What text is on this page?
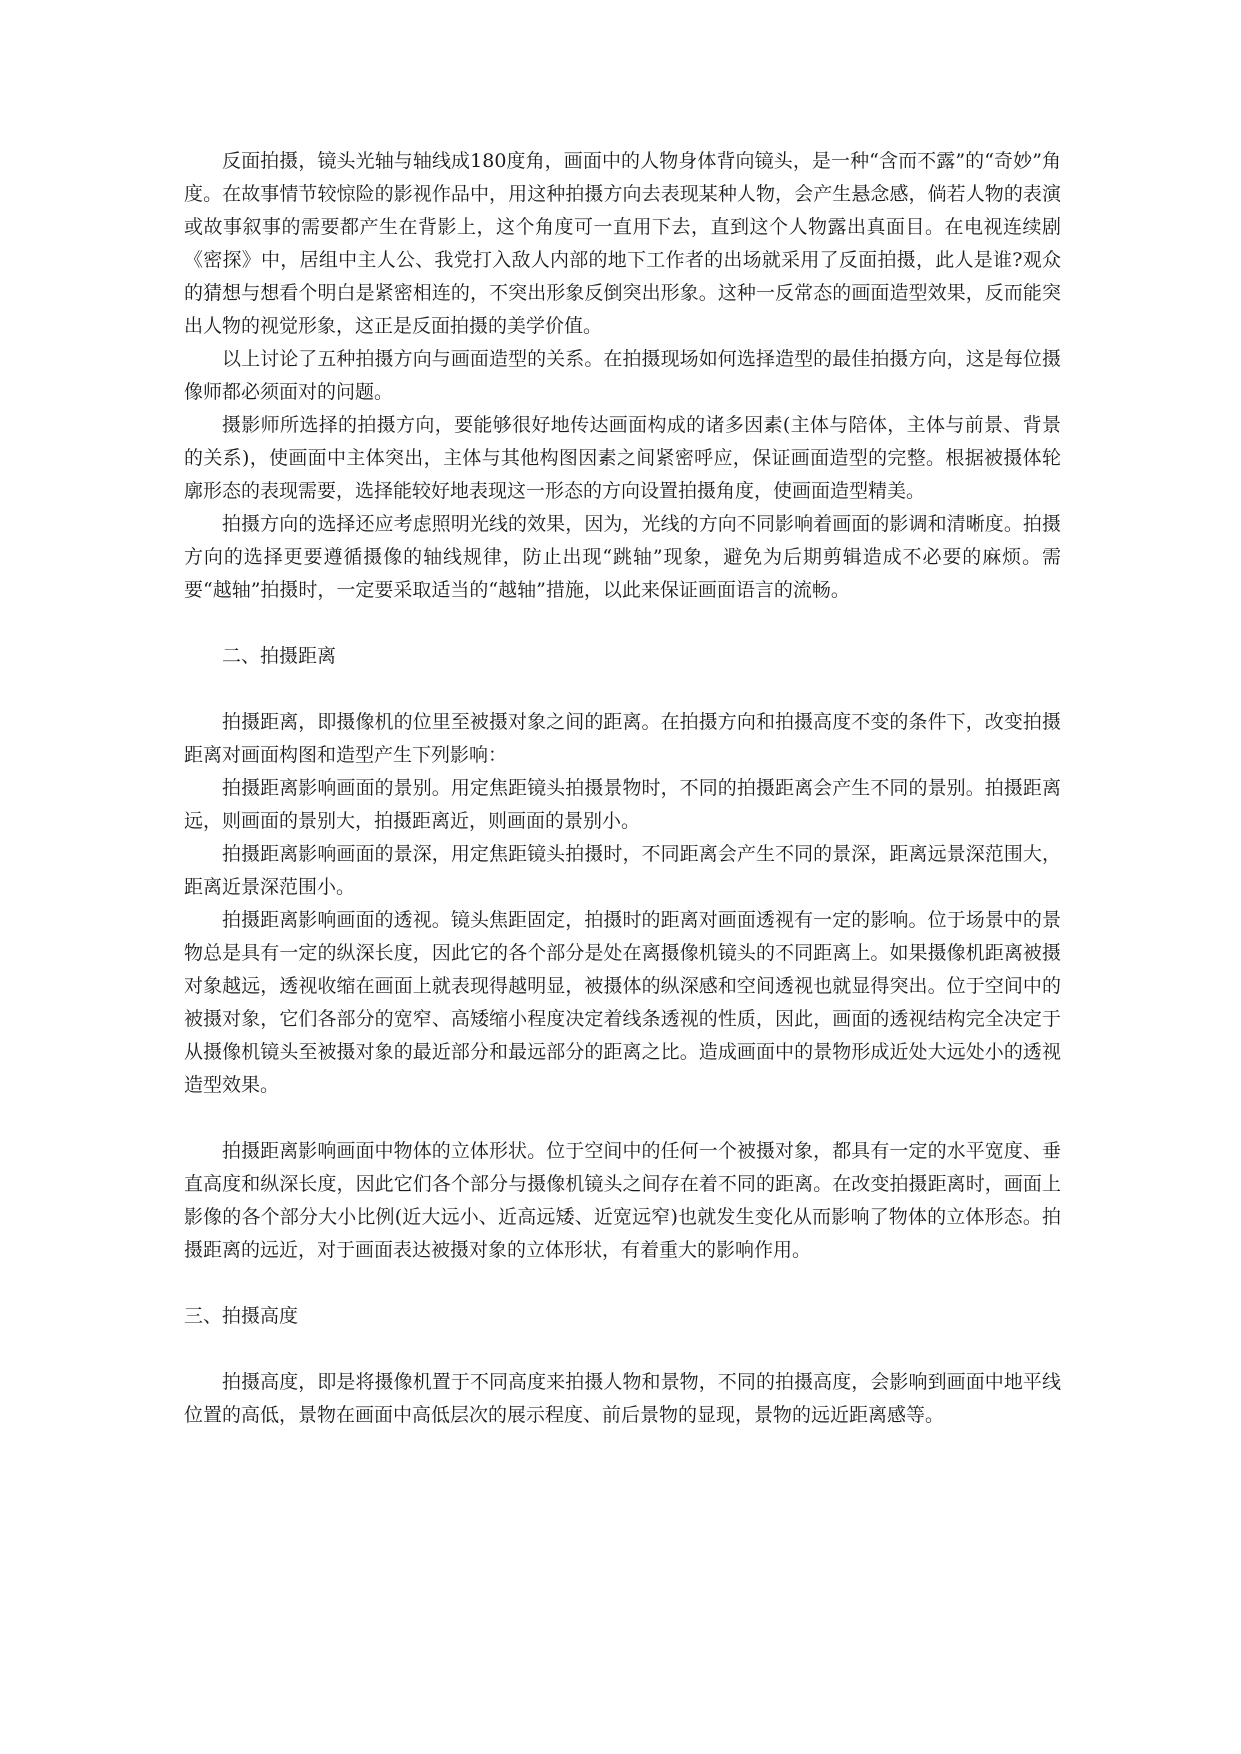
反面拍摄，镜头光轴与轴线成180度角，画面中的人物身体背向镜头，是一种“含而不露”的“奇妙”角度。在故事情节较惊险的影视作品中，用这种拍摄方向去表现某种人物，会产生悬念感，倘若人物的表演或故事叙事的需要都产生在背影上，这个角度可一直用下去，直到这个人物露出真面目。在电视连续剧《密探》中，居组中主人公、我党打入敌人内部的地下工作者的出场就采用了反面拍摄，此人是谁?观众的猜想与想看个明白是紧密相连的，不突出形象反倒突出形象。这种一反常态的画面造型效果，反而能突出人物的视觉形象，这正是反面拍摄的美学价值。

以上讨论了五种拍摄方向与画面造型的关系。在拍摄现场如何选择造型的最佳拍摄方向，这是每位摄像师都必须面对的问题。

摄影师所选择的拍摄方向，要能够很好地传达画面构成的诸多因素(主体与陪体，主体与前景、背景的关系)，使画面中主体突出，主体与其他构图因素之间紧密呼应，保证画面造型的完整。根据被摄体轮廓形态的表现需要，选择能较好地表现这一形态的方向设置拍摄角度，使画面造型精美。

拍摄方向的选择还应考虑照明光线的效果，因为，光线的方向不同影响着画面的影调和清晰度。拍摄方向的选择更要遵循摄像的轴线规律，防止出现“跳轴”现象，避免为后期剪辑造成不必要的麻烦。需要“越轴”拍摄时，一定要采取适当的“越轴”措施，以此来保证画面语言的流畅。

二、拍摄距离

拍摄距离，即摄像机的位里至被摄对象之间的距离。在拍摄方向和拍摄高度不变的条件下，改变拍摄距离对画面构图和造型产生下列影响：

拍摄距离影响画面的景别。用定焦距镜头拍摄景物时，不同的拍摄距离会产生不同的景别。拍摄距离远，则画面的景别大，拍摄距离近，则画面的景别小。

拍摄距离影响画面的景深，用定焦距镜头拍摄时，不同距离会产生不同的景深，距离远景深范围大，距离近景深范围小。

拍摄距离影响画面的透视。镜头焦距固定，拍摄时的距离对画面透视有一定的影响。位于场景中的景物总是具有一定的纵深长度，因此它的各个部分是处在离摄像机镜头的不同距离上。如果摄像机距离被摄对象越远，透视收缩在画面上就表现得越明显，被摄体的纵深感和空间透视也就显得突出。位于空间中的被摄对象，它们各部分的宽窄、高矮缩小程度决定着线条透视的性质，因此，画面的透视结构完全决定于从摄像机镜头至被摄对象的最近部分和最远部分的距离之比。造成画面中的景物形成近处大远处小的透视造型效果。

拍摄距离影响画面中物体的立体形状。位于空间中的任何一个被摄对象，都具有一定的水平宽度、垂直高度和纵深长度，因此它们各个部分与摄像机镜头之间存在着不同的距离。在改变拍摄距离时，画面上影像的各个部分大小比例(近大远小、近高远矮、近宽远窄)也就发生变化从而影响了物体的立体形态。拍摄距离的远近，对于画面表达被摄对象的立体形状，有着重大的影响作用。

三、拍摄高度

拍摄高度，即是将摄像机置于不同高度来拍摄人物和景物，不同的拍摄高度，会影响到画面中地平线位置的高低，景物在画面中高低层次的展示程度、前后景物的显现，景物的远近距离感等。
